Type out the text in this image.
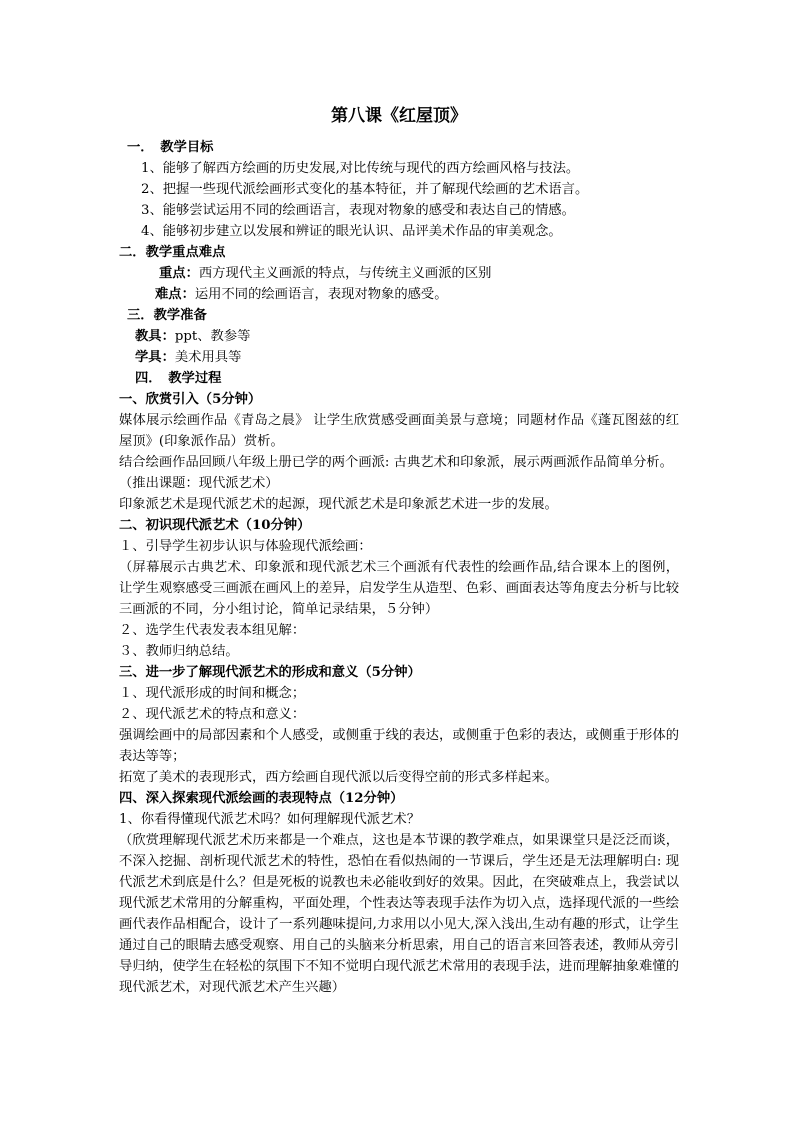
第八课《红屋顶》
一．　教学目标
1、能够了解西方绘画的历史发展,对比传统与现代的西方绘画风格与技法。
2、把握一些现代派绘画形式变化的基本特征，并了解现代绘画的艺术语言。
3、能够尝试运用不同的绘画语言，表现对物象的感受和表达自己的情感。
4、能够初步建立以发展和辨证的眼光认识、品评美术作品的审美观念。
二．教学重点难点
重点：西方现代主义画派的特点，与传统主义画派的区别
难点：运用不同的绘画语言，表现对物象的感受。
三．教学准备
教具：ppt、教参等
学具：美术用具等
四．　教学过程
一、欣赏引入（5分钟）
媒体展示绘画作品《青岛之晨》 让学生欣赏感受画面美景与意境；同题材作品《蓬瓦图兹的红屋顶》(印象派作品）赏析。
结合绘画作品回顾八年级上册已学的两个画派: 古典艺术和印象派，展示两画派作品简单分析。
（推出课题：现代派艺术）
印象派艺术是现代派艺术的起源，现代派艺术是印象派艺术进一步的发展。
二、初识现代派艺术（10分钟）
１、引导学生初步认识与体验现代派绘画：
（屏幕展示古典艺术、印象派和现代派艺术三个画派有代表性的绘画作品,结合课本上的图例，让学生观察感受三画派在画风上的差异，启发学生从造型、色彩、画面表达等角度去分析与比较三画派的不同，分小组讨论，简单记录结果，５分钟）
２、选学生代表发表本组见解：
３、教师归纳总结。
三、进一步了解现代派艺术的形成和意义（5分钟）
１、现代派形成的时间和概念；
２、现代派艺术的特点和意义：
强调绘画中的局部因素和个人感受，或侧重于线的表达，或侧重于色彩的表达，或侧重于形体的表达等等；
拓宽了美术的表现形式，西方绘画自现代派以后变得空前的形式多样起来。
四、深入探索现代派绘画的表现特点（12分钟）
1、你看得懂现代派艺术吗？如何理解现代派艺术？
（欣赏理解现代派艺术历来都是一个难点，这也是本节课的教学难点，如果课堂只是泛泛而谈，不深入挖掘、剖析现代派艺术的特性，恐怕在看似热闹的一节课后，学生还是无法理解明白: 现代派艺术到底是什么？但是死板的说教也未必能收到好的效果。因此，在突破难点上，我尝试以现代派艺术常用的分解重构，平面处理，个性表达等表现手法作为切入点，选择现代派的一些绘画代表作品相配合，设计了一系列趣味提问,力求用以小见大,深入浅出,生动有趣的形式，让学生通过自己的眼睛去感受观察、用自己的头脑来分析思索，用自己的语言来回答表述，教师从旁引导归纳，使学生在轻松的氛围下不知不觉明白现代派艺术常用的表现手法，进而理解抽象难懂的现代派艺术，对现代派艺术产生兴趣）
